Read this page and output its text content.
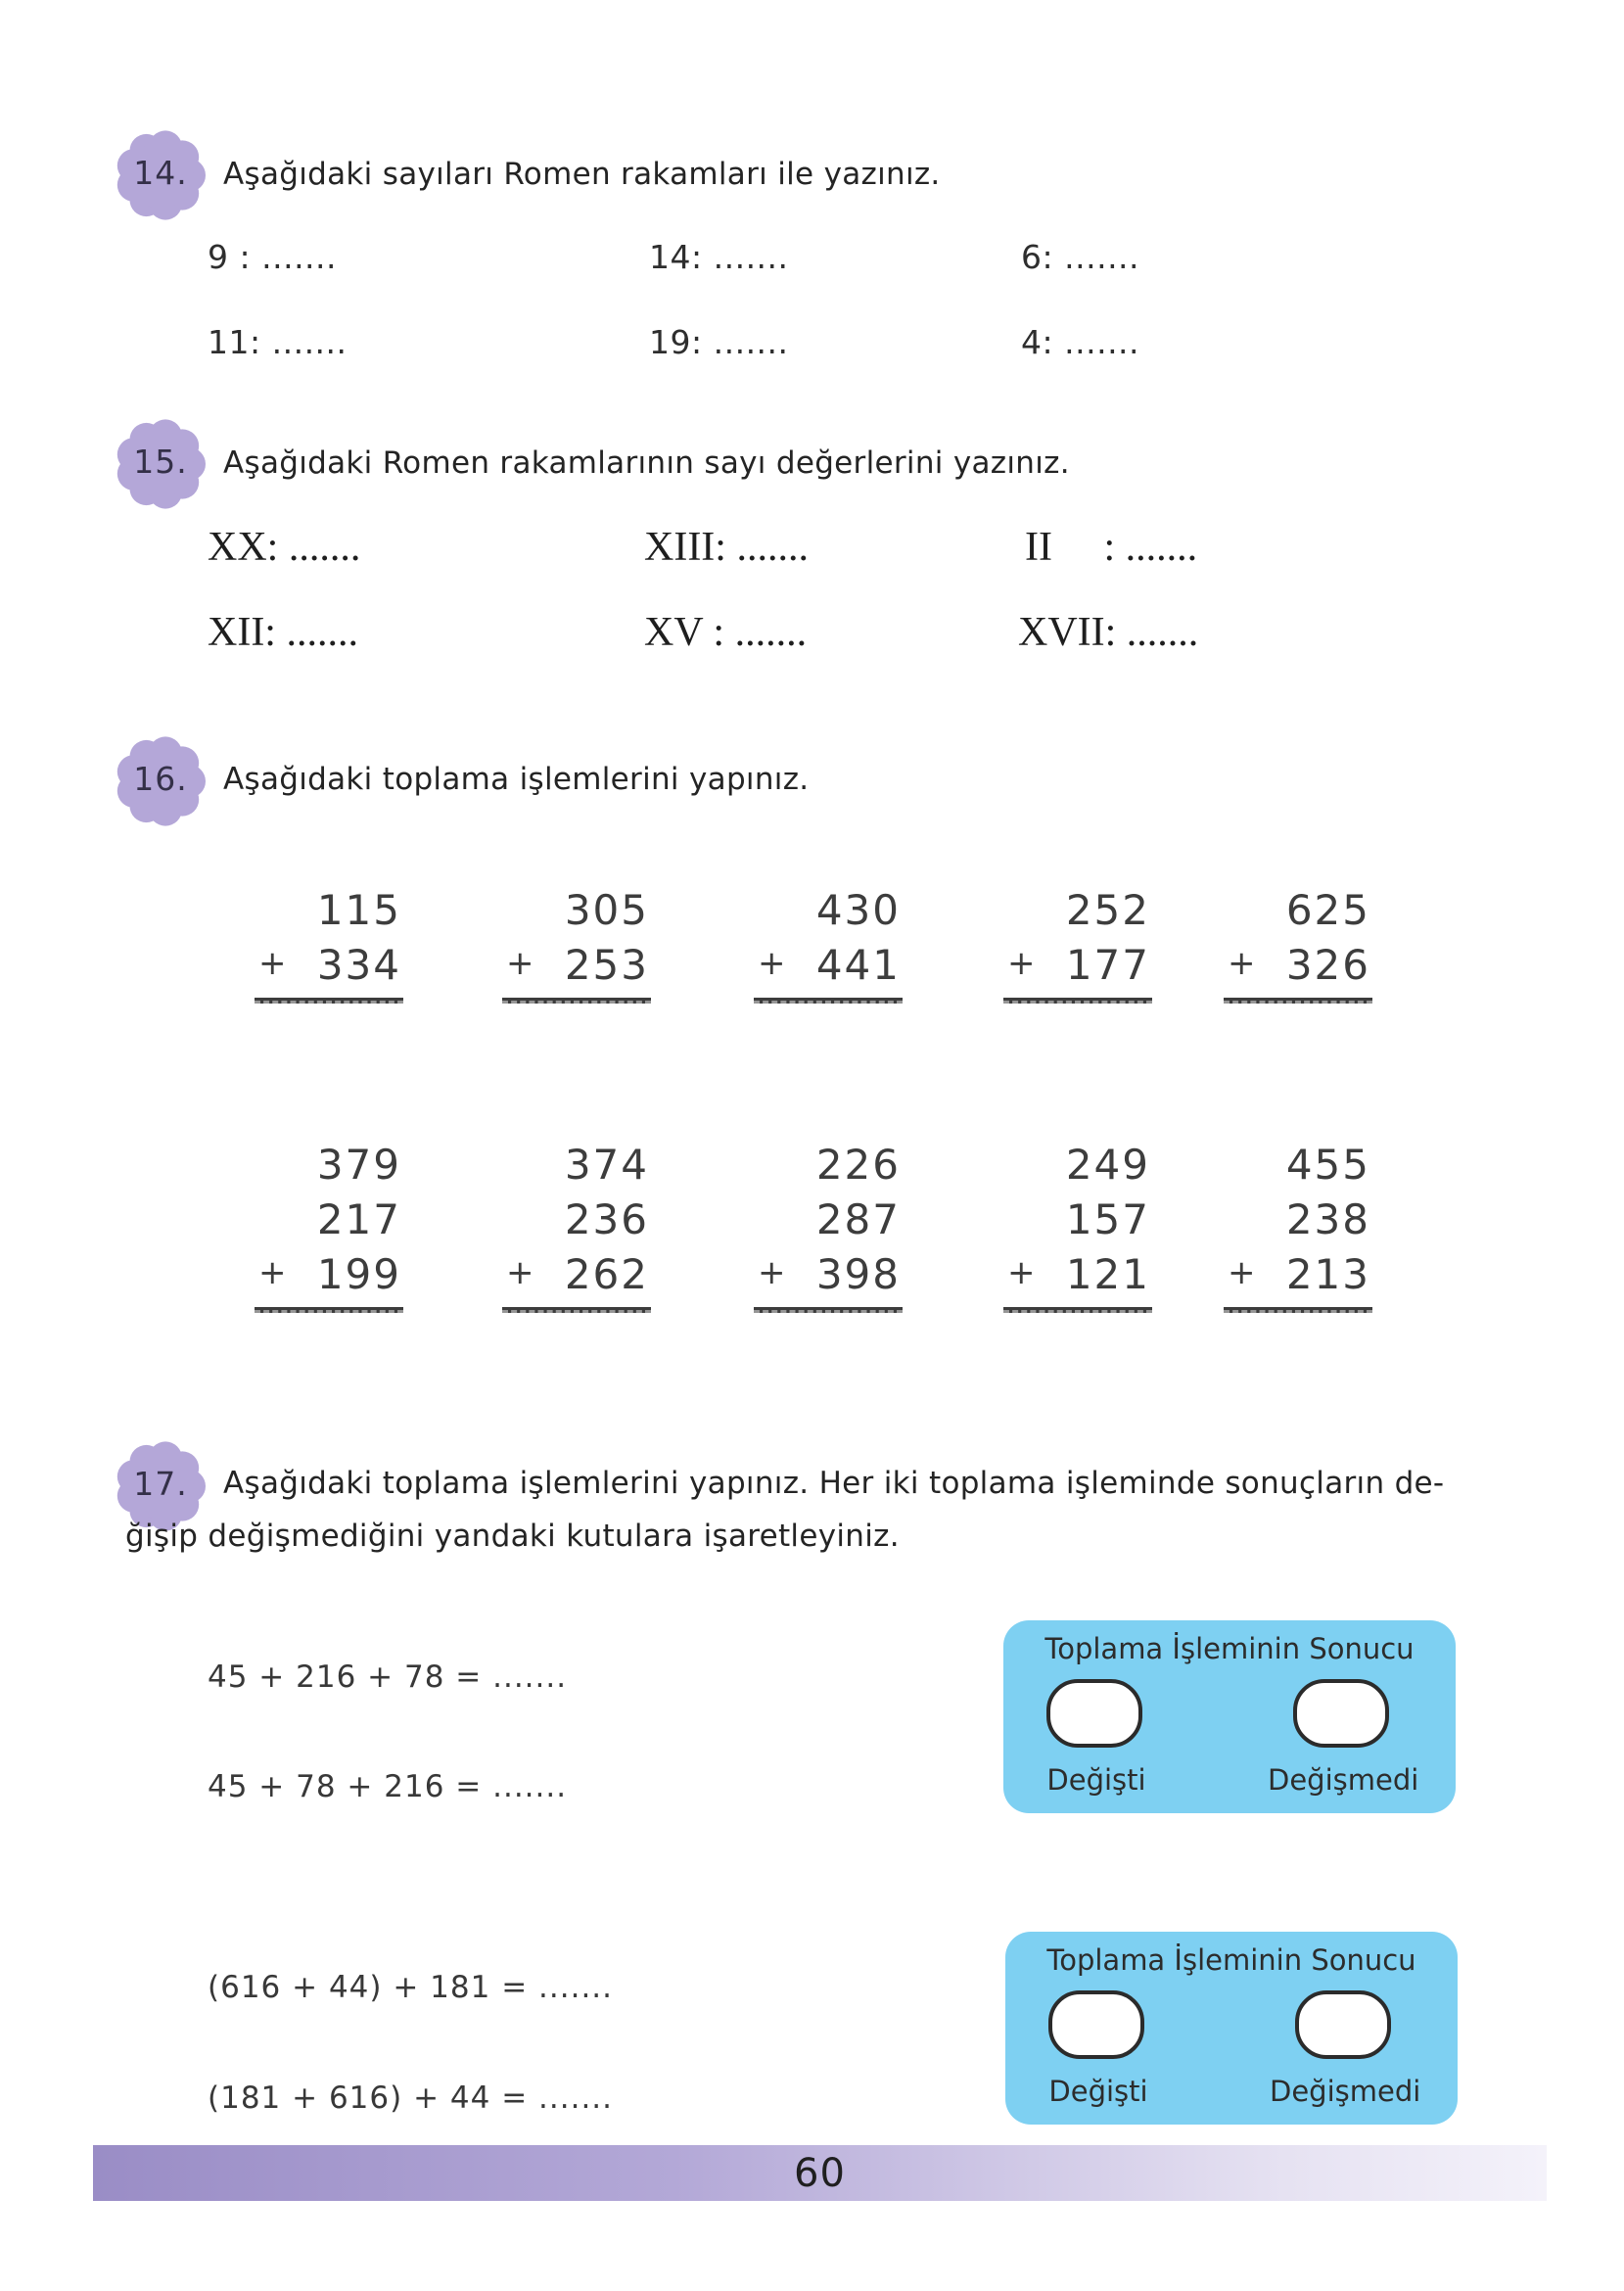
14.	Aşağıdaki sayıları Romen rakamları ile yazınız.
9 : .......	14: .......	6: .......
11: .......	19: .......	4: .......
15.	Aşağıdaki Romen rakamlarının sayı değerlerini yazınız.
XX: .......	XIII: .......	II     : .......
XII: .......	XV : .......	XVII: .......
16.	Aşağıdaki toplama işlemlerini yapınız.
115
+ 334
305
+ 253
430
+ 441
252
+ 177
625
+ 326
379
217
+ 199
374
236
+ 262
226
287
+ 398
249
157
+ 121
455
238
+ 213
17.	Aşağıdaki toplama işlemlerini yapınız. Her iki toplama işleminde sonuçların de-
ğişip değişmediğini yandaki kutulara işaretleyiniz.
45 + 216 + 78 = .......
45 + 78 + 216 = .......
(616 + 44) + 181 = .......
(181 + 616) + 44 = .......
Toplama İşleminin Sonucu
Değişti	Değişmedi
Toplama İşleminin Sonucu
Değişti	Değişmedi
60
